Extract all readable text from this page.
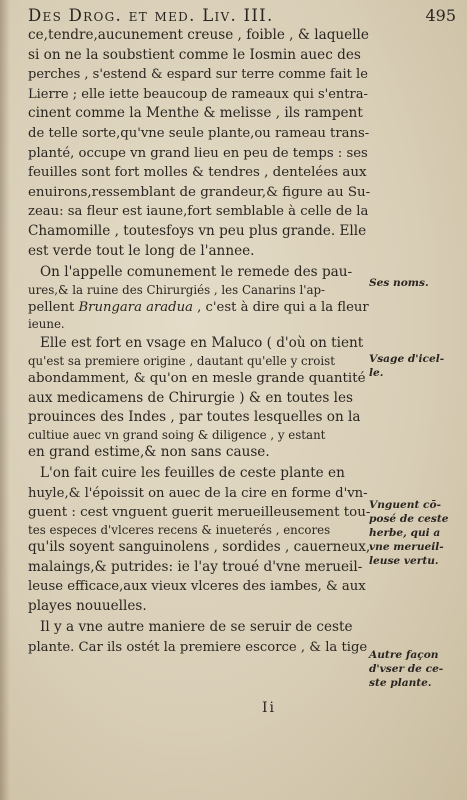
Des Drog. et med. Liv. III.	495
ce,tendre,aucunement creuse , foible , & laquelle
si on ne la soubstient comme le Iosmin auec des
perches , s'estend & espard sur terre comme fait le
Lierre ; elle iette beaucoup de rameaux qui s'entra-
cinent comme la Menthe & melisse , ils rampent
de telle sorte,qu'vne seule plante,ou rameau trans-
planté, occupe vn grand lieu en peu de temps : ses
feuilles sont fort molles & tendres , dentelées aux
enuirons,ressemblant de grandeur,& figure au Su-
zeau: sa fleur est iaune,fort semblable à celle de la
Chamomille , toutesfoys vn peu plus grande. Elle
est verde tout le long de l'annee.
On l'appelle comunement le remede des pau-
ures,& la ruine des Chirurgiés , les Canarins l'ap-
pellent Brungara aradua , c'est à dire qui a la fleur
ieune.
Elle est fort en vsage en Maluco ( d'où on tient
qu'est sa premiere origine , dautant qu'elle y croist
abondamment, & qu'on en mesle grande quantité
aux medicamens de Chirurgie ) & en toutes les
prouinces des Indes , par toutes lesquelles on la
cultiue auec vn grand soing & diligence , y estant
en grand estime,& non sans cause.
L'on fait cuire les feuilles de ceste plante en
huyle,& l'époissit on auec de la cire en forme d'vn-
guent : cest vnguent guerit merueilleusement tou-
tes especes d'vlceres recens & inueterés , encores
qu'ils soyent sanguinolens , sordides , cauerneux,
malaings,& putrides: ie l'ay troué d'vne merueil-
leuse efficace,aux vieux vlceres des iambes, & aux
playes nouuelles.
Il y a vne autre maniere de se seruir de ceste
plante. Car ils ostét la premiere escorce , & la tige
Ses noms.
Vsage d'icel-
le.
Vnguent cō-
posé de ceste
herbe, qui a
vne merueil-
leuse vertu.
Autre façon
d'vser de ce-
ste plante.
Ii
